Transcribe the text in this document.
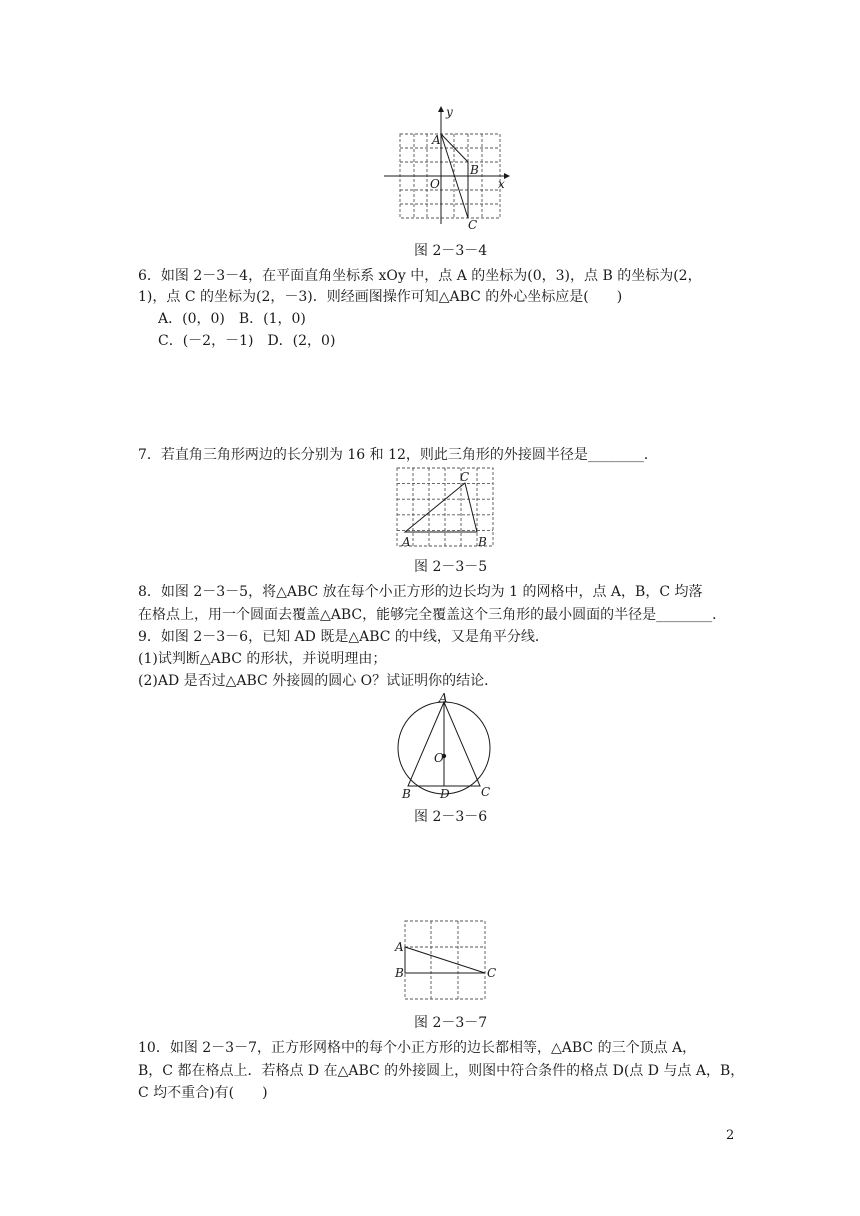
y
x
A
B
O
C
图 2－3－4
6．如图 2－3－4，在平面直角坐标系 xOy 中，点 A 的坐标为(0，3)，点 B 的坐标为(2，
1)，点 C 的坐标为(2，－3)．则经画图操作可知△ABC 的外心坐标应是(　　)
A．(0，0)　B．(1，0)
C．(－2，－1)　D．(2，0)
7．若直角三角形两边的长分别为 16 和 12，则此三角形的外接圆半径是________．
A	B
C
图 2－3－5
8．如图 2－3－5，将△ABC 放在每个小正方形的边长均为 1 的网格中，点 A，B，C 均落
在格点上，用一个圆面去覆盖△ABC，能够完全覆盖这个三角形的最小圆面的半径是________．
9．如图 2－3－6，已知 AD 既是△ABC 的中线，又是角平分线．
(1)试判断△ABC 的形状，并说明理由；
(2)AD 是否过△ABC 外接圆的圆心 O？试证明你的结论．
A
O
B D	C
图 2－3－6
A
B	C
图 2－3－7
10．如图 2－3－7，正方形网格中的每个小正方形的边长都相等，△ABC 的三个顶点 A，
B，C 都在格点上．若格点 D 在△ABC 的外接圆上，则图中符合条件的格点 D(点 D 与点 A，B，
C 均不重合)有(　　)
2
